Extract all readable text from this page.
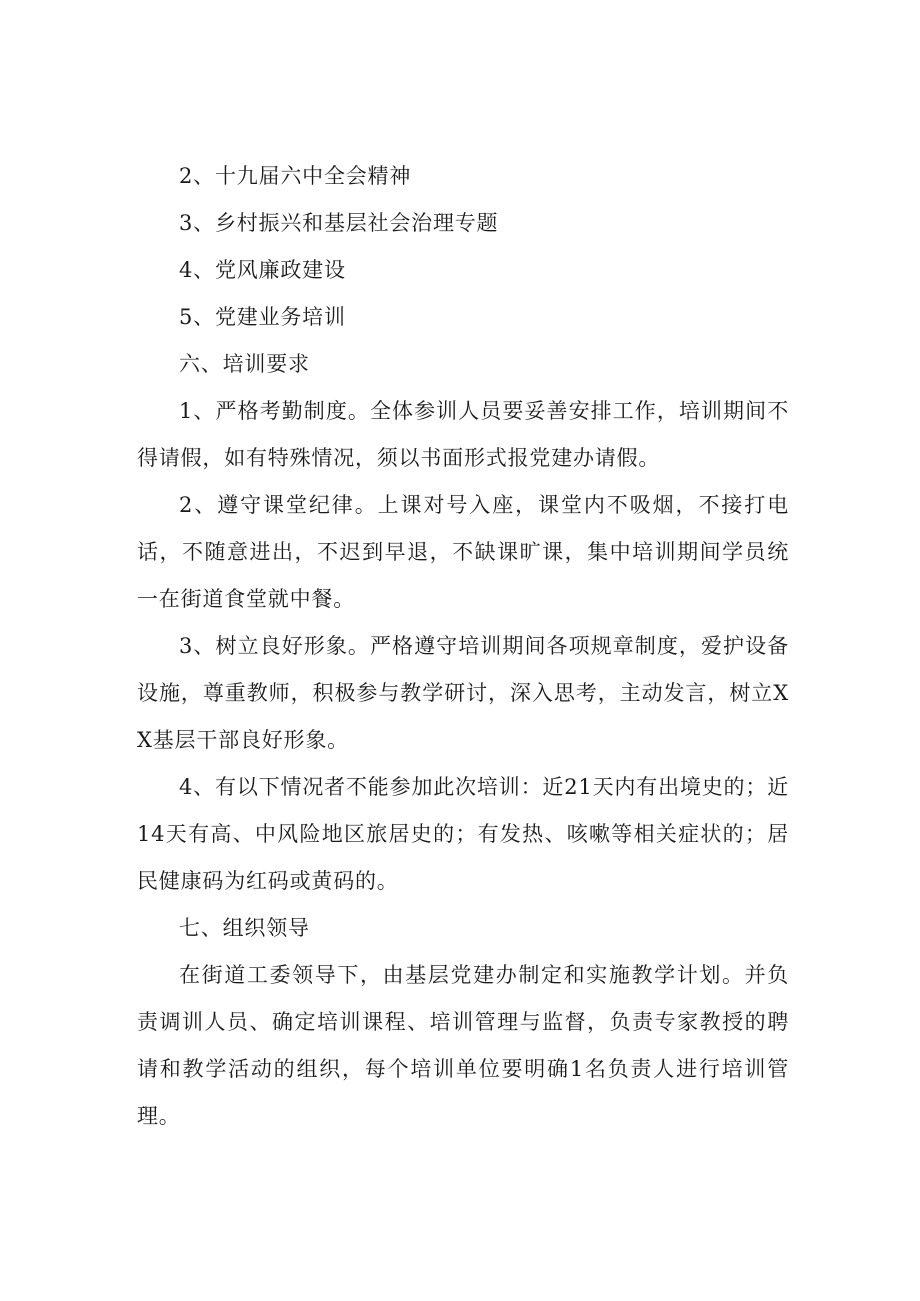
2、十九届六中全会精神

3、乡村振兴和基层社会治理专题

4、党风廉政建设

5、党建业务培训

六、培训要求

1、严格考勤制度。全体参训人员要妥善安排工作，培训期间不得请假，如有特殊情况，须以书面形式报党建办请假。

2、遵守课堂纪律。上课对号入座，课堂内不吸烟，不接打电话，不随意进出，不迟到早退，不缺课旷课，集中培训期间学员统一在街道食堂就中餐。

3、树立良好形象。严格遵守培训期间各项规章制度，爱护设备设施，尊重教师，积极参与教学研讨，深入思考，主动发言，树立XX基层干部良好形象。

4、有以下情况者不能参加此次培训：近21天内有出境史的；近14天有高、中风险地区旅居史的；有发热、咳嗽等相关症状的；居民健康码为红码或黄码的。

七、组织领导

在街道工委领导下，由基层党建办制定和实施教学计划。并负责调训人员、确定培训课程、培训管理与监督，负责专家教授的聘请和教学活动的组织，每个培训单位要明确1名负责人进行培训管理。
